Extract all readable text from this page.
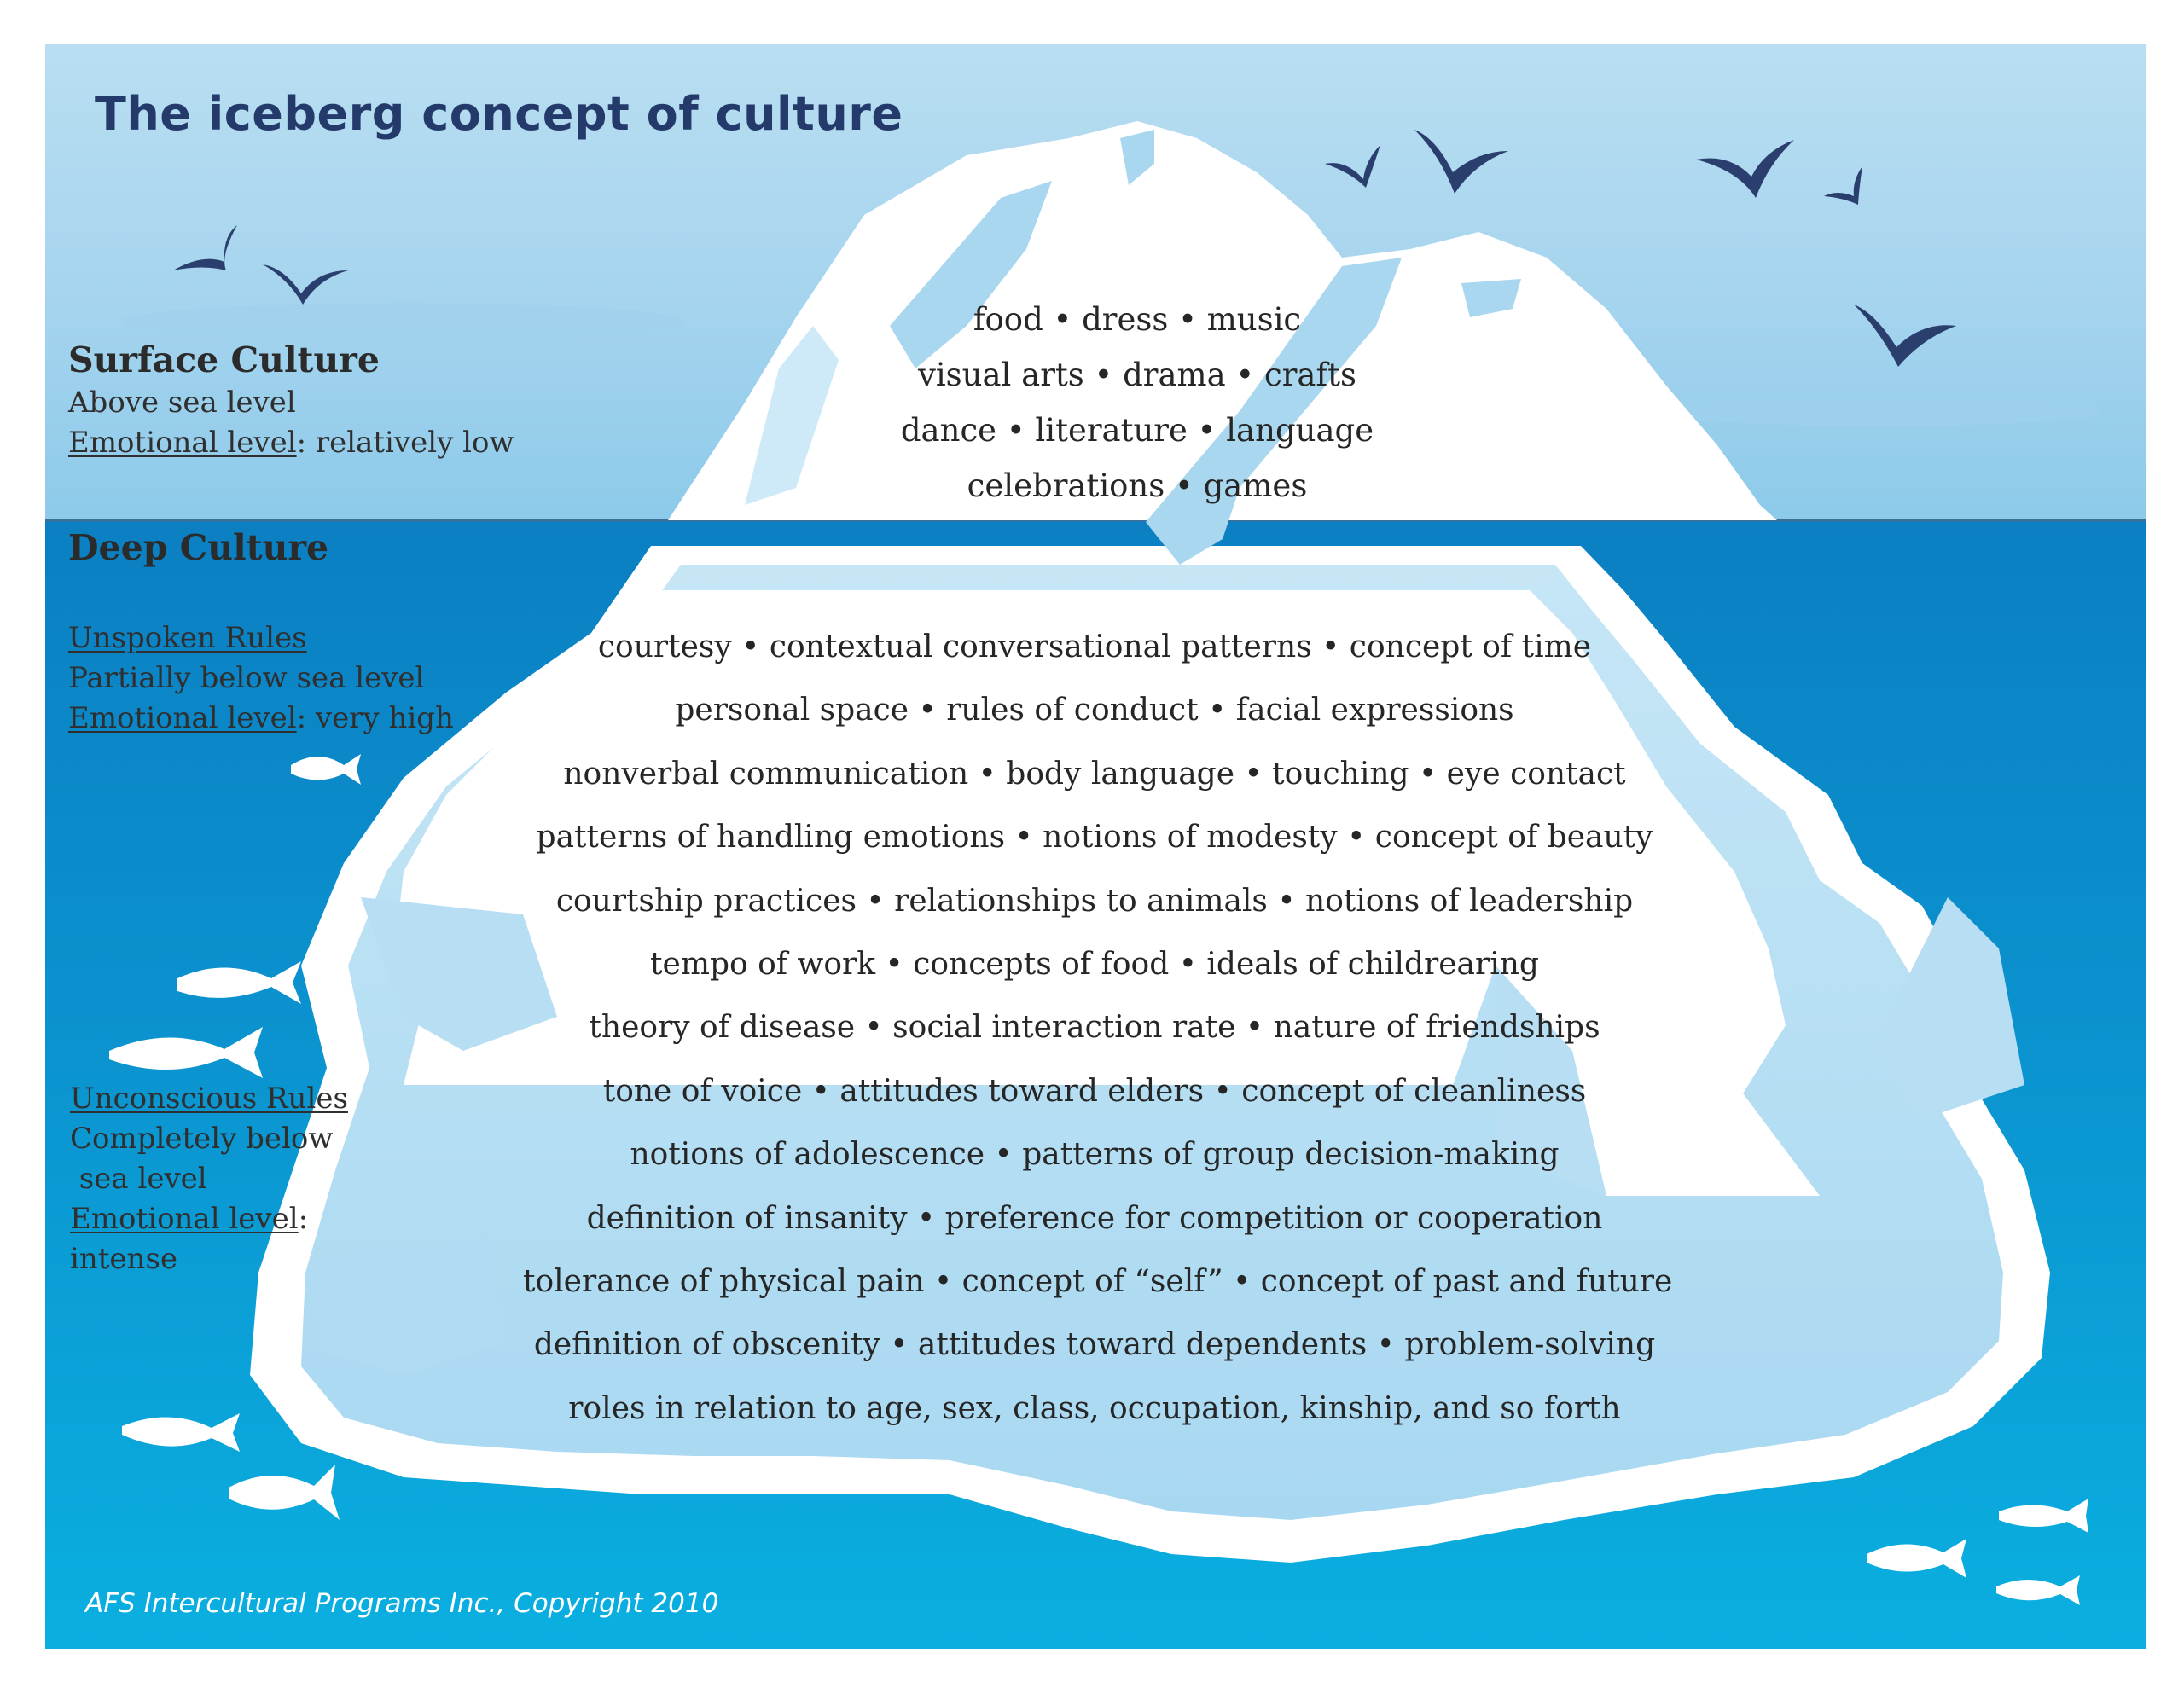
The iceberg concept of culture
Surface Culture
Above sea level
Emotional level: relatively low
Deep Culture
Unspoken Rules
Partially below sea level
Emotional level: very high
Unconscious Rules
Completely below
sea level
Emotional level:
intense
food • dress • music
visual arts • drama • crafts
dance • literature • language
celebrations • games
courtesy • contextual conversational patterns • concept of time
personal space • rules of conduct • facial expressions
nonverbal communication • body language • touching • eye contact
patterns of handling emotions • notions of modesty • concept of beauty
courtship practices • relationships to animals • notions of leadership
tempo of work • concepts of food • ideals of childrearing
theory of disease • social interaction rate • nature of friendships
tone of voice • attitudes toward elders • concept of cleanliness
notions of adolescence • patterns of group decision-making
definition of insanity • preference for competition or cooperation
tolerance of physical pain • concept of “self” • concept of past and future
definition of obscenity • attitudes toward dependents • problem-solving
roles in relation to age, sex, class, occupation, kinship, and so forth
AFS Intercultural Programs Inc., Copyright 2010
